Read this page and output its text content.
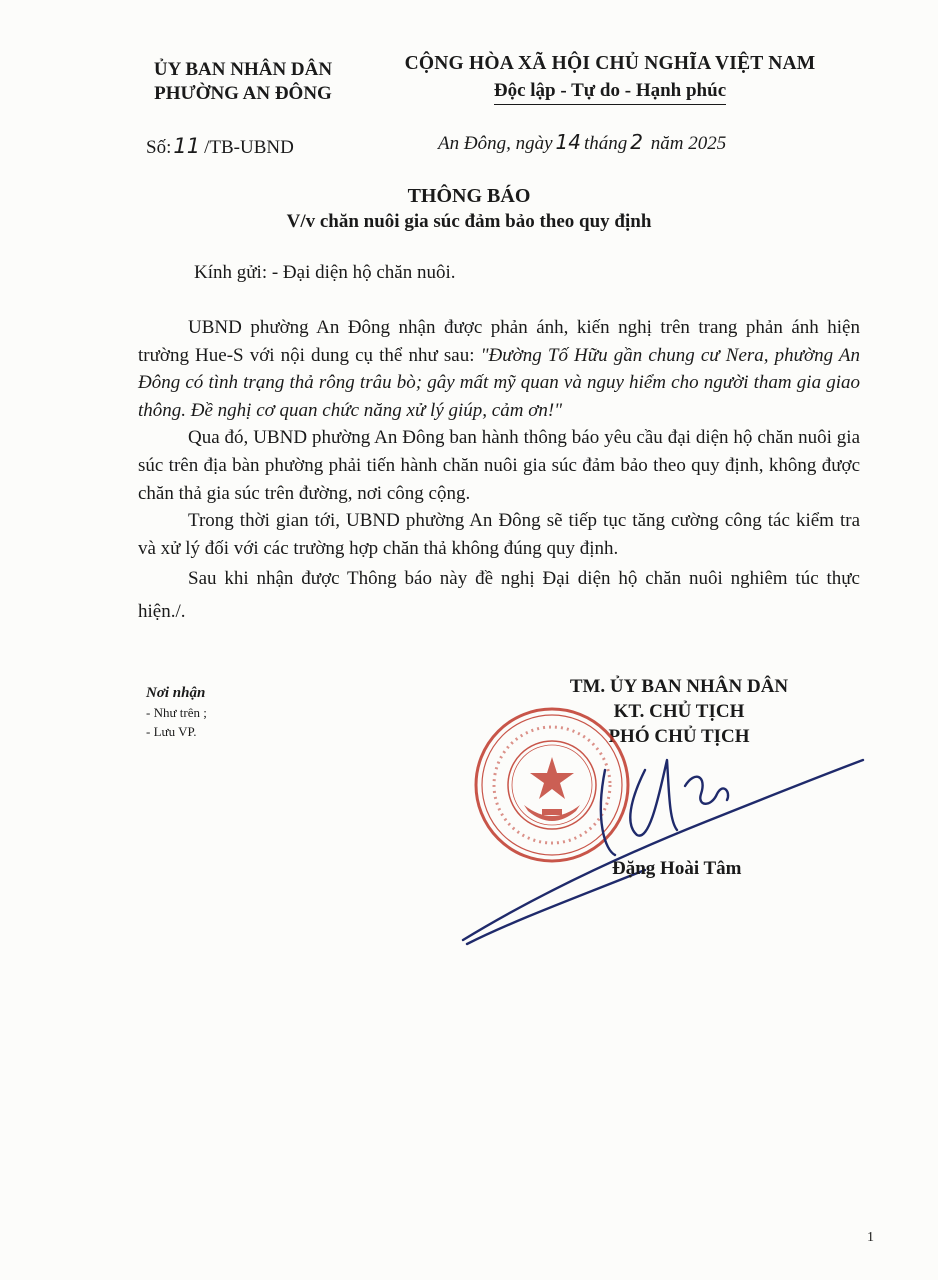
ỦY BAN NHÂN DÂN
PHƯỜNG AN ĐÔNG
CỘNG HÒA XÃ HỘI CHỦ NGHĨA VIỆT NAM
Độc lập - Tự do - Hạnh phúc
Số:11 /TB-UBND	An Đông, ngày 14 tháng 2 năm 2025
THÔNG BÁO
V/v chăn nuôi gia súc đảm bảo theo quy định
Kính gửi: - Đại diện hộ chăn nuôi.

UBND phường An Đông nhận được phản ánh, kiến nghị trên trang phản ánh hiện trường Hue-S với nội dung cụ thể như sau: "Đường Tố Hữu gần chung cư Nera, phường An Đông có tình trạng thả rông trâu bò; gây mất mỹ quan và nguy hiểm cho người tham gia giao thông. Đề nghị cơ quan chức năng xử lý giúp, cảm ơn!"

Qua đó, UBND phường An Đông ban hành thông báo yêu cầu đại diện hộ chăn nuôi gia súc trên địa bàn phường phải tiến hành chăn nuôi gia súc đảm bảo theo quy định, không được chăn thả gia súc trên đường, nơi công cộng.

Trong thời gian tới, UBND phường An Đông sẽ tiếp tục tăng cường công tác kiểm tra và xử lý đối với các trường hợp chăn thả không đúng quy định.

Sau khi nhận được Thông báo này đề nghị Đại diện hộ chăn nuôi nghiêm túc thực hiện./.

Nơi nhận
- Như trên ;
- Lưu VP.
TM. ỦY BAN NHÂN DÂN
KT. CHỦ TỊCH
PHÓ CHỦ TỊCH
Đặng Hoài Tâm
1
